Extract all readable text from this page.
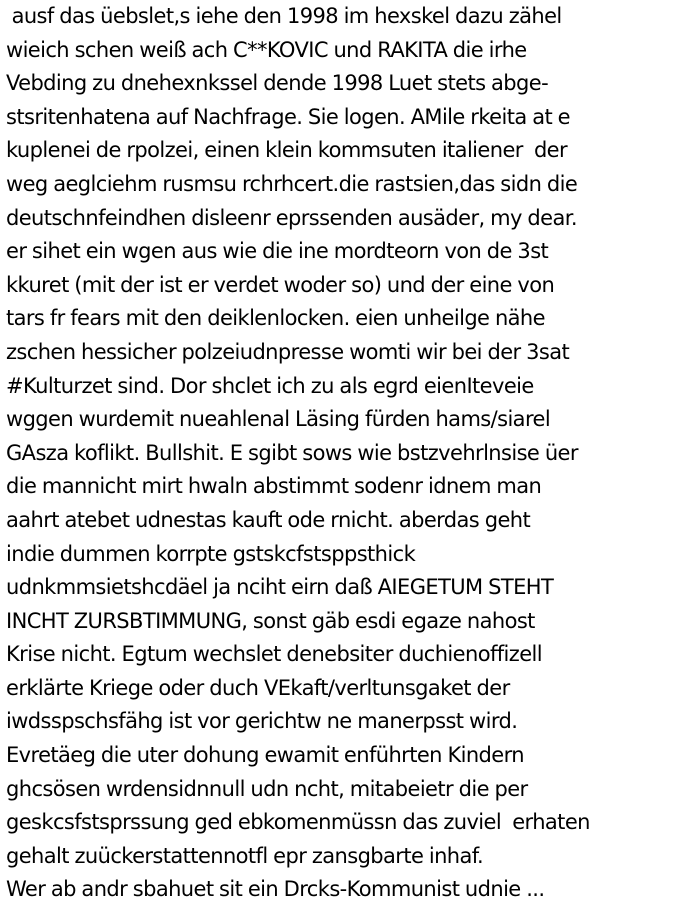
ausf das üebslet,s iehe den 1998 im hexskel dazu zähel
wieich schen weiß ach C**KOVIC und RAKITA die irhe
Vebding zu dnehexnkssel dende 1998 Luet stets abge-
stsritenhatena auf Nachfrage. Sie logen. AMile rkeita at e
kuplenei de rpolzei, einen klein kommsuten italiener  der
weg aeglciehm rusmsu rchrhcert.die rastsien,das sidn die
deutschnfeindhen disleenr eprssenden ausäder, my dear.
er sihet ein wgen aus wie die ine mordteorn von de 3st
kkuret (mit der ist er verdet woder so) und der eine von
tars fr fears mit den deiklenlocken. eien unheilge nähe
zschen hessicher polzeiudnpresse womti wir bei der 3sat
#Kulturzet sind. Dor shclet ich zu als egrd eienIteveie
wggen wurdemit nueahlenal Läsing fürden hams/siarel
GAsza koflikt. Bullshit. E sgibt sows wie bstzvehrlnsise üer
die mannicht mirt hwaln abstimmt sodenr idnem man
aahrt atebet udnestas kauft ode rnicht. aberdas geht
indie dummen korrpte gstskcfstsppsthick
udnkmmsietshcdäel ja nciht eirn daß AIEGETUM STEHT
INCHT ZURSBTIMMUNG, sonst gäb esdi egaze nahost
Krise nicht. Egtum wechslet denebsiter duchienoffizell
erklärte Kriege oder duch VEkaft/verltunsgaket der
iwdsspschsfähg ist vor gerichtw ne manerpsst wird.
Evretäeg die uter dohung ewamit enführten Kindern
ghcsösen wrdensidnnull udn ncht, mitabeietr die per
geskcsfstsprssung ged ebkomenmüssn das zuviel  erhaten
gehalt zuückerstattennotfl epr zansgbarte inhaf.
Wer ab andr sbahuet sit ein Drcks-Kommunist udnie ...
